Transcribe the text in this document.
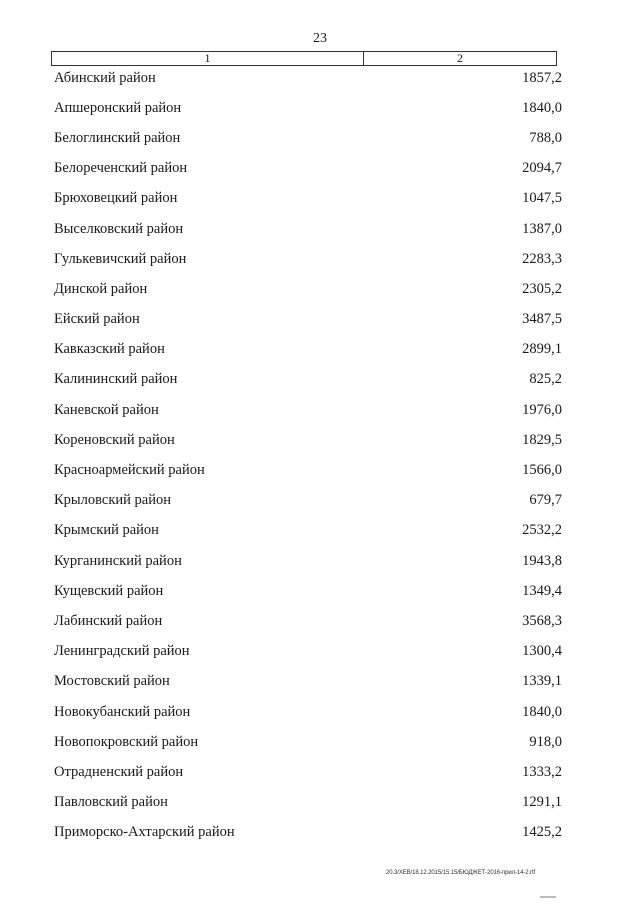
23
1	2
Абинский район	1857,2
Апшеронский район	1840,0
Белоглинский район	788,0
Белореченский район	2094,7
Брюховецкий район	1047,5
Выселковский район	1387,0
Гулькевичский район	2283,3
Динской район	2305,2
Ейский район	3487,5
Кавказский район	2899,1
Калининский район	825,2
Каневской район	1976,0
Кореновский район	1829,5
Красноармейский район	1566,0
Крыловский район	679,7
Крымский район	2532,2
Курганинский район	1943,8
Кущевский район	1349,4
Лабинский район	3568,3
Ленинградский район	1300,4
Мостовский район	1339,1
Новокубанский район	1840,0
Новопокровский район	918,0
Отрадненский район	1333,2
Павловский район	1291,1
Приморско-Ахтарский район	1425,2
20.3/ХЕВ/18.12.2015/15:15/БЮДЖЕТ-2016-прил-14-2.rtf
